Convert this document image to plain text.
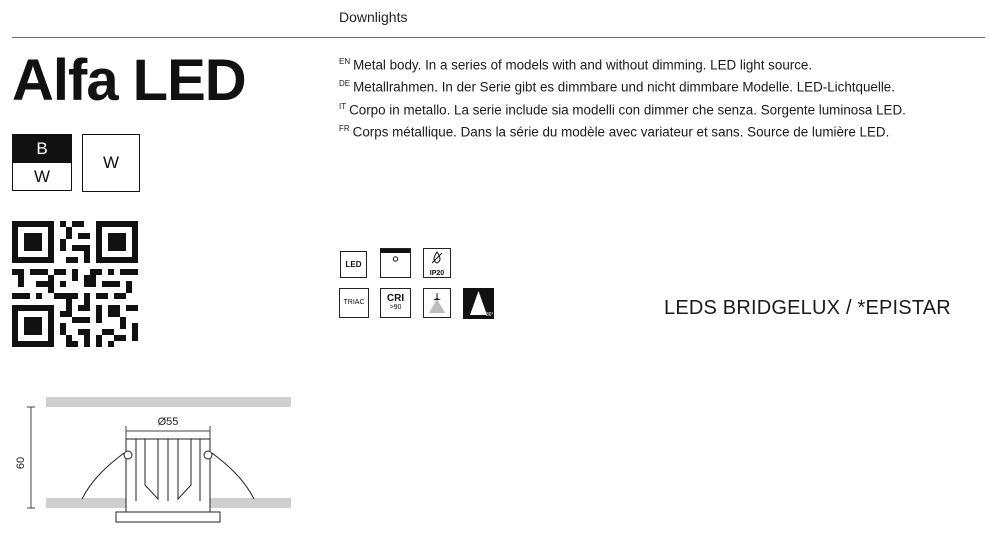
Downlights
Alfa LED	$^{EN}$ Metal body. In a series of models with and without dimming. LED light source.
$^{DE}$ Metallrahmen. In der Serie gibt es dimmbare und nicht dimmbare Modelle. LED-Lichtquelle.
$^{IT}$ Corpo in metallo. La serie include sia modelli con dimmer che senza. Sorgente luminosa LED.
$^{FR}$ Corps métallique. Dans la série du modèle avec variateur et sans. Source de lumière LED.
B
W
W
LED
IP20
TRIAC	CRI
>90
36°	LEDS BRIDGELUX / *EPISTAR
60
Ø55
